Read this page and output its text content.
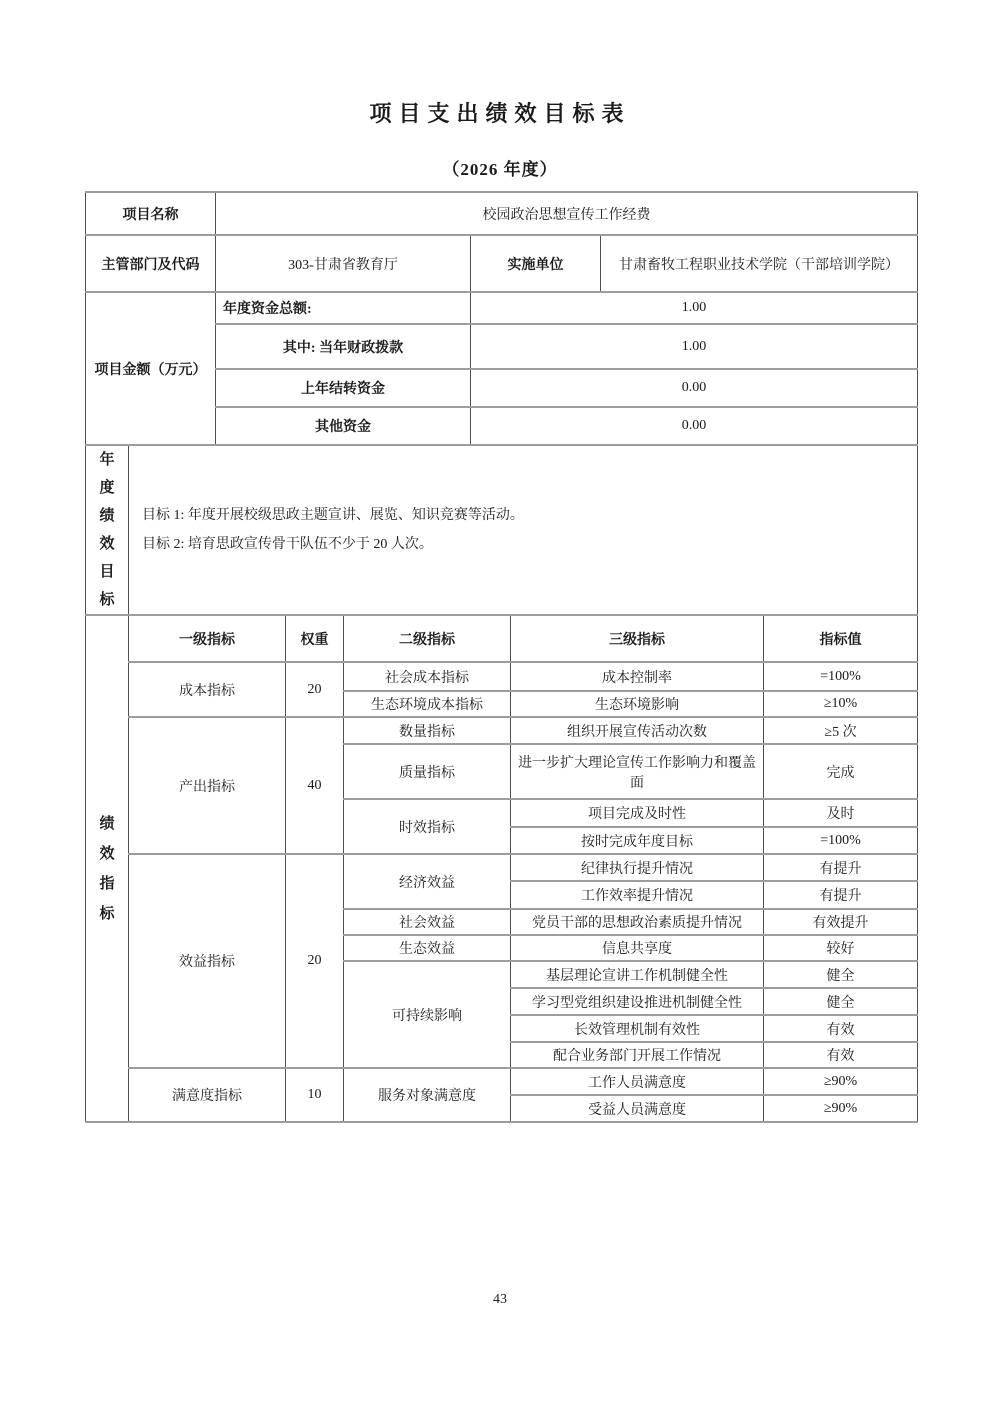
项目支出绩效目标表
（2026 年度）
项目名称	校园政治思想宣传工作经费		
主管部门及代码	303-甘肃省教育厅	实施单位	甘肃畜牧工程职业技术学院（干部培训学院）
项目金额（万元）	年度资金总额:	1.00	
	其中: 当年财政拨款	1.00	
	上年结转资金	0.00	
	其他资金	0.00	
年度绩效目标

目标 1: 年度开展校级思政主题宣讲、展览、知识竞赛等活动。
目标 2: 培育思政宣传骨干队伍不少于 20 人次。
绩效指标	一级指标	权重	二级指标	三级指标	指标值
	成本指标	20	社会成本指标	成本控制率	=100%
			生态环境成本指标	生态环境影响	≥10%
	产出指标	40	数量指标	组织开展宣传活动次数	≥5 次
			质量指标	进一步扩大理论宣传工作影响力和覆盖面	完成
			时效指标	项目完成及时性	及时
				按时完成年度目标	=100%
	效益指标	20	经济效益	纪律执行提升情况	有提升
				工作效率提升情况	有提升
			社会效益	党员干部的思想政治素质提升情况	有效提升
			生态效益	信息共享度	较好
			可持续影响	基层理论宣讲工作机制健全性	健全
				学习型党组织建设推进机制健全性	健全
				长效管理机制有效性	有效
				配合业务部门开展工作情况	有效
	满意度指标	10	服务对象满意度	工作人员满意度	≥90%
				受益人员满意度	≥90%
43
